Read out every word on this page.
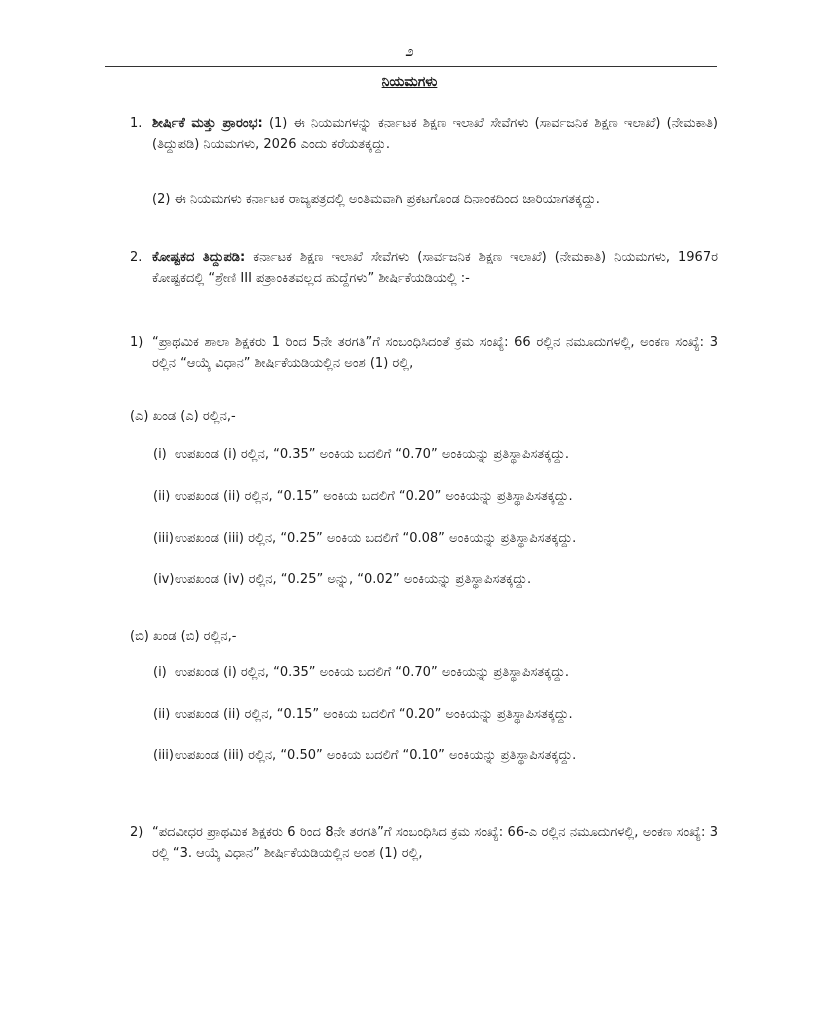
೨
ನಿಯಮಗಳು
1. ಶೀರ್ಷಿಕೆ ಮತ್ತು ಪ್ರಾರಂಭ: (1) ಈ ನಿಯಮಗಳನ್ನು ಕರ್ನಾಟಕ ಶಿಕ್ಷಣ ಇಲಾಖೆ ಸೇವೆಗಳು (ಸಾರ್ವಜನಿಕ ಶಿಕ್ಷಣ ಇಲಾಖೆ) (ನೇಮಕಾತಿ) (ತಿದ್ದುಪಡಿ) ನಿಯಮಗಳು, 2026 ಎಂದು ಕರೆಯತಕ್ಕದ್ದು.
(2) ಈ ನಿಯಮಗಳು ಕರ್ನಾಟಕ ರಾಜ್ಯಪತ್ರದಲ್ಲಿ ಅಂತಿಮವಾಗಿ ಪ್ರಕಟಗೊಂಡ ದಿನಾಂಕದಿಂದ ಜಾರಿಯಾಗತಕ್ಕದ್ದು.
2. ಕೋಷ್ಟಕದ ತಿದ್ದುಪಡಿ: ಕರ್ನಾಟಕ ಶಿಕ್ಷಣ ಇಲಾಖೆ ಸೇವೆಗಳು (ಸಾರ್ವಜನಿಕ ಶಿಕ್ಷಣ ಇಲಾಖೆ) (ನೇಮಕಾತಿ) ನಿಯಮಗಳು, 1967ರ ಕೋಷ್ಟಕದಲ್ಲಿ “ಶ್ರೇಣಿ III ಪತ್ರಾಂಕಿತವಲ್ಲದ ಹುದ್ದೆಗಳು” ಶೀರ್ಷಿಕೆಯಡಿಯಲ್ಲಿ :-
1) “ಪ್ರಾಥಮಿಕ ಶಾಲಾ ಶಿಕ್ಷಕರು 1 ರಿಂದ 5ನೇ ತರಗತಿ”ಗೆ ಸಂಬಂಧಿಸಿದಂತೆ ಕ್ರಮ ಸಂಖ್ಯೆ: 66 ರಲ್ಲಿನ ನಮೂದುಗಳಲ್ಲಿ, ಅಂಕಣ ಸಂಖ್ಯೆ: 3 ರಲ್ಲಿನ “ಆಯ್ಕೆ ವಿಧಾನ” ಶೀರ್ಷಿಕೆಯಡಿಯಲ್ಲಿನ ಅಂಶ (1) ರಲ್ಲಿ,
(ಎ) ಖಂಡ (ಎ) ರಲ್ಲಿನ,-
(i) ಉಪಖಂಡ (i) ರಲ್ಲಿನ, “0.35” ಅಂಕಿಯ ಬದಲಿಗೆ “0.70” ಅಂಕಿಯನ್ನು ಪ್ರತಿಸ್ಥಾಪಿಸತಕ್ಕದ್ದು.
(ii) ಉಪಖಂಡ (ii) ರಲ್ಲಿನ, “0.15” ಅಂಕಿಯ ಬದಲಿಗೆ “0.20” ಅಂಕಿಯನ್ನು ಪ್ರತಿಸ್ಥಾಪಿಸತಕ್ಕದ್ದು.
(iii) ಉಪಖಂಡ (iii) ರಲ್ಲಿನ, “0.25” ಅಂಕಿಯ ಬದಲಿಗೆ “0.08” ಅಂಕಿಯನ್ನು ಪ್ರತಿಸ್ಥಾಪಿಸತಕ್ಕದ್ದು.
(iv) ಉಪಖಂಡ (iv) ರಲ್ಲಿನ, “0.25” ಅನ್ನು, “0.02” ಅಂಕಿಯನ್ನು ಪ್ರತಿಸ್ಥಾಪಿಸತಕ್ಕದ್ದು.
(ಬಿ) ಖಂಡ (ಬಿ) ರಲ್ಲಿನ,-
(i) ಉಪಖಂಡ (i) ರಲ್ಲಿನ, “0.35” ಅಂಕಿಯ ಬದಲಿಗೆ “0.70” ಅಂಕಿಯನ್ನು ಪ್ರತಿಸ್ಥಾಪಿಸತಕ್ಕದ್ದು.
(ii) ಉಪಖಂಡ (ii) ರಲ್ಲಿನ, “0.15” ಅಂಕಿಯ ಬದಲಿಗೆ “0.20” ಅಂಕಿಯನ್ನು ಪ್ರತಿಸ್ಥಾಪಿಸತಕ್ಕದ್ದು.
(iii) ಉಪಖಂಡ (iii) ರಲ್ಲಿನ, “0.50” ಅಂಕಿಯ ಬದಲಿಗೆ “0.10” ಅಂಕಿಯನ್ನು ಪ್ರತಿಸ್ಥಾಪಿಸತಕ್ಕದ್ದು.
2) “ಪದವೀಧರ ಪ್ರಾಥಮಿಕ ಶಿಕ್ಷಕರು 6 ರಿಂದ 8ನೇ ತರಗತಿ”ಗೆ ಸಂಬಂಧಿಸಿದ ಕ್ರಮ ಸಂಖ್ಯೆ: 66-ಎ ರಲ್ಲಿನ ನಮೂದುಗಳಲ್ಲಿ, ಅಂಕಣ ಸಂಖ್ಯೆ: 3 ರಲ್ಲಿ “3. ಆಯ್ಕೆ ವಿಧಾನ” ಶೀರ್ಷಿಕೆಯಡಿಯಲ್ಲಿನ ಅಂಶ (1) ರಲ್ಲಿ,
